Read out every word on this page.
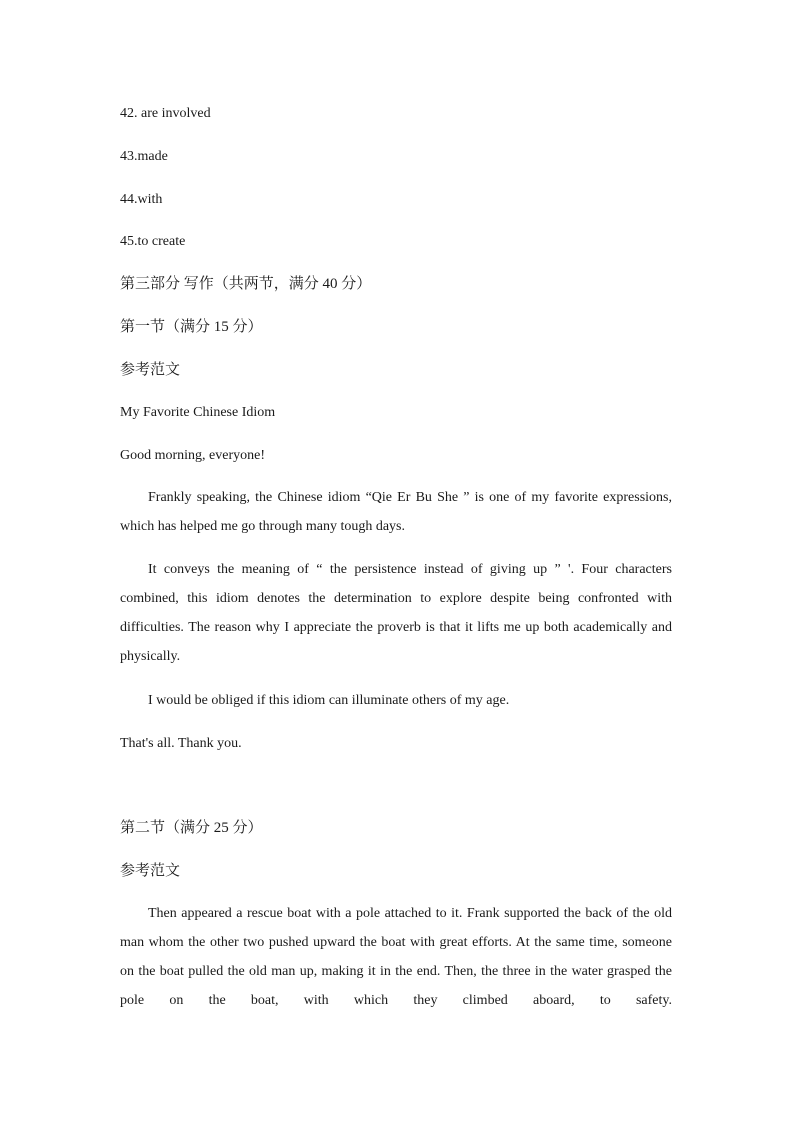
42. are involved
43.made
44.with
45.to create
第三部分 写作（共两节，满分 40 分）
第一节（满分 15 分）
参考范文
My Favorite Chinese Idiom
Good morning, everyone!
Frankly speaking, the Chinese idiom “Qie Er Bu She ” is one of my favorite expressions, which has helped me go through many tough days.
It conveys the meaning of “ the persistence instead of giving up ” '. Four characters combined, this idiom denotes the determination to explore despite being confronted with difficulties. The reason why I appreciate the proverb is that it lifts me up both academically and physically.
I would be obliged if this idiom can illuminate others of my age.
That's all. Thank you.
第二节（满分 25 分）
参考范文
Then appeared a rescue boat with a pole attached to it. Frank supported the back of the old man whom the other two pushed upward the boat with great efforts. At the same time, someone on the boat pulled the old man up, making it in the end. Then, the three in the water grasped the pole on the boat, with which they climbed aboard, to safety.
